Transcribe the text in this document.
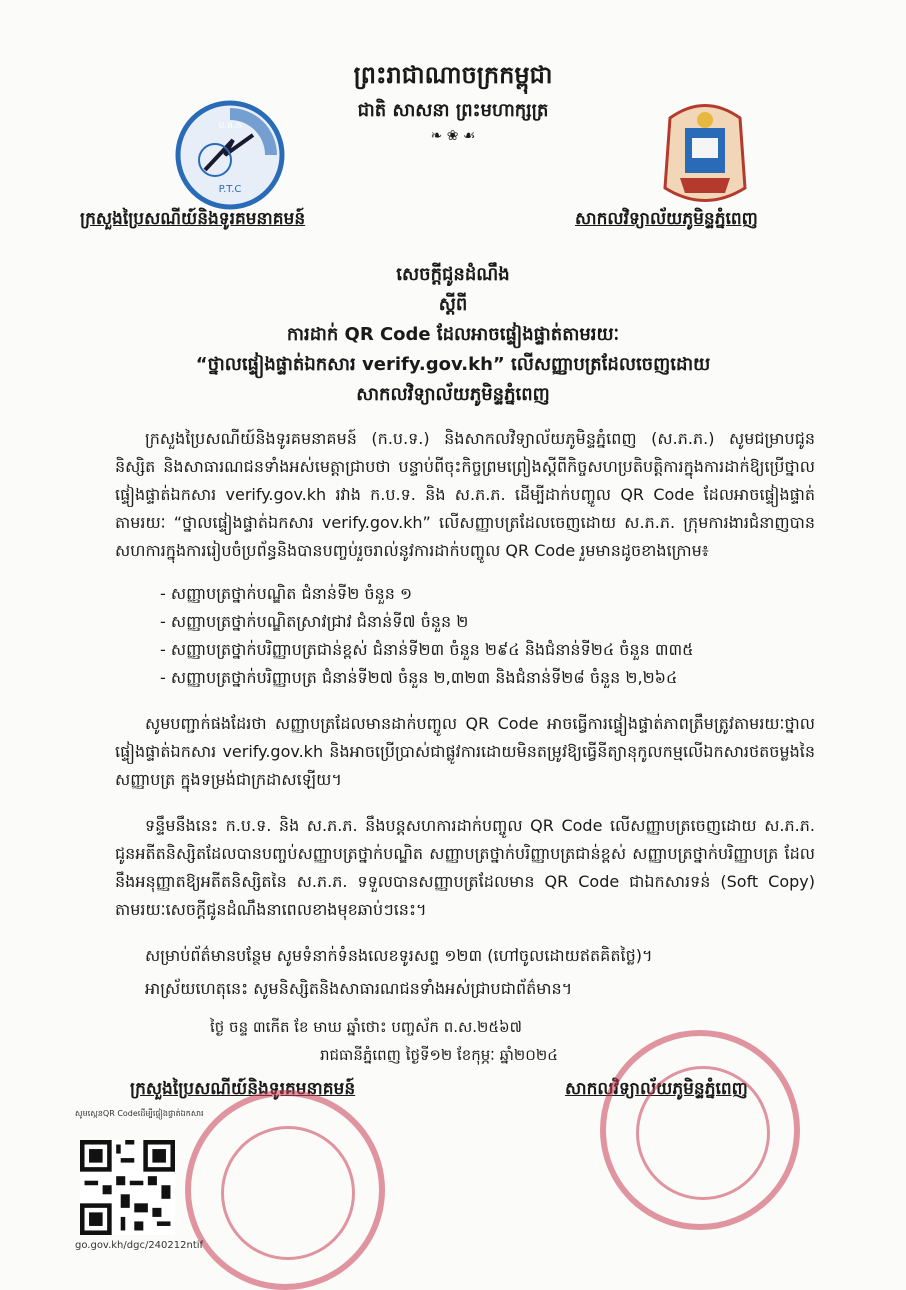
ព្រះរាជាណាចក្រកម្ពុជា
ជាតិ សាសនា ព្រះមហាក្សត្រ
❧ ❀ ☙
ប.ធ.ក
P.T.C
ក្រសួងប្រៃសណីយ៍និងទូរគមនាគមន៍	សាកលវិទ្យាល័យភូមិន្ទភ្នំពេញ
សេចក្តីជូនដំណឹង
ស្តីពី
ការដាក់ QR Code ដែលអាចផ្ទៀងផ្ទាត់តាមរយៈ
“ថ្នាលផ្ទៀងផ្ទាត់ឯកសារ verify.gov.kh” លើសញ្ញាបត្រដែលចេញដោយ
សាកលវិទ្យាល័យភូមិន្ទភ្នំពេញ
ក្រសួងប្រៃសណីយ៍និងទូរគមនាគមន៍ (ក.ប.ទ.) និងសាកលវិទ្យាល័យភូមិន្ទភ្នំពេញ (ស.ភ.ភ.) សូមជម្រាបជូននិស្សិត និងសាធារណជនទាំងអស់មេត្តាជ្រាបថា បន្ទាប់ពីចុះកិច្ចព្រមព្រៀងស្តីពីកិច្ចសហប្រតិបត្តិការក្នុងការដាក់ឱ្យប្រើថ្នាលផ្ទៀងផ្ទាត់ឯកសារ verify.gov.kh រវាង ក.ប.ទ. និង ស.ភ.ភ. ដើម្បីដាក់បញ្ចូល QR Code ដែលអាចផ្ទៀងផ្ទាត់តាមរយៈ “ថ្នាលផ្ទៀងផ្ទាត់ឯកសារ verify.gov.kh” លើសញ្ញាបត្រដែលចេញដោយ ស.ភ.ភ. ក្រុមការងារជំនាញបានសហការក្នុងការរៀបចំប្រព័ន្ធនិងបានបញ្ចប់រួចរាល់នូវការដាក់បញ្ចូល QR Code រួមមានដូចខាងក្រោម៖
- សញ្ញាបត្រថ្នាក់បណ្ឌិត ជំនាន់ទី២ ចំនួន ១
- សញ្ញាបត្រថ្នាក់បណ្ឌិតស្រាវជ្រាវ ជំនាន់ទី៧ ចំនួន ២
- សញ្ញាបត្រថ្នាក់បរិញ្ញាបត្រជាន់ខ្ពស់ ជំនាន់ទី២៣ ចំនួន ២៩៤ និងជំនាន់ទី២៤ ចំនួន ៣៣៥
- សញ្ញាបត្រថ្នាក់បរិញ្ញាបត្រ ជំនាន់ទី២៧ ចំនួន ២,៣២៣ និងជំនាន់ទី២៨ ចំនួន ២,២៦៤
សូមបញ្ជាក់ផងដែរថា សញ្ញាបត្រដែលមានដាក់បញ្ចូល QR Code អាចធ្វើការផ្ទៀងផ្ទាត់ភាពត្រឹមត្រូវតាមរយៈថ្នាលផ្ទៀងផ្ទាត់ឯកសារ verify.gov.kh និងអាចប្រើប្រាស់ជាផ្លូវការដោយមិនតម្រូវឱ្យធ្វើនីត្យានុកូលកម្មលើឯកសារថតចម្លងនៃសញ្ញាបត្រ ក្នុងទម្រង់ជាក្រដាសឡើយ។
ទន្ទឹមនឹងនេះ ក.ប.ទ. និង ស.ភ.ភ. នឹងបន្តសហការដាក់បញ្ចូល QR Code លើសញ្ញាបត្រចេញដោយ ស.ភ.ភ. ជូនអតីតនិស្សិតដែលបានបញ្ចប់សញ្ញាបត្រថ្នាក់បណ្ឌិត សញ្ញាបត្រថ្នាក់បរិញ្ញាបត្រជាន់ខ្ពស់ សញ្ញាបត្រថ្នាក់បរិញ្ញាបត្រ ដែលនឹងអនុញ្ញាតឱ្យអតីតនិស្សិតនៃ ស.ភ.ភ. ទទួលបានសញ្ញាបត្រដែលមាន QR Code ជាឯកសារទន់ (Soft Copy) តាមរយៈសេចក្តីជូនដំណឹងនាពេលខាងមុខឆាប់ៗនេះ។
សម្រាប់ព័ត៌មានបន្ថែម សូមទំនាក់ទំនងលេខទូរសព្ទ ១២៣ (ហៅចូលដោយឥតគិតថ្លៃ)។
អាស្រ័យហេតុនេះ សូមនិស្សិតនិងសាធារណជនទាំងអស់ជ្រាបជាព័ត៌មាន។
ថ្ងៃ ចន្ទ ៣កើត ខែ មាឃ ឆ្នាំថោះ បញ្ចស័ក ព.ស.២៥៦៧
រាជធានីភ្នំពេញ ថ្ងៃទី១២ ខែកុម្ភៈ ឆ្នាំ២០២៤
ក្រសួងប្រៃសណីយ៍និងទូរគមនាគមន៍	សាកលវិទ្យាល័យភូមិន្ទភ្នំពេញ
សូមស្កេនQR Codeដើម្បីផ្ទៀងផ្ទាត់ឯកសារ
go.gov.kh/dgc/240212ntif
